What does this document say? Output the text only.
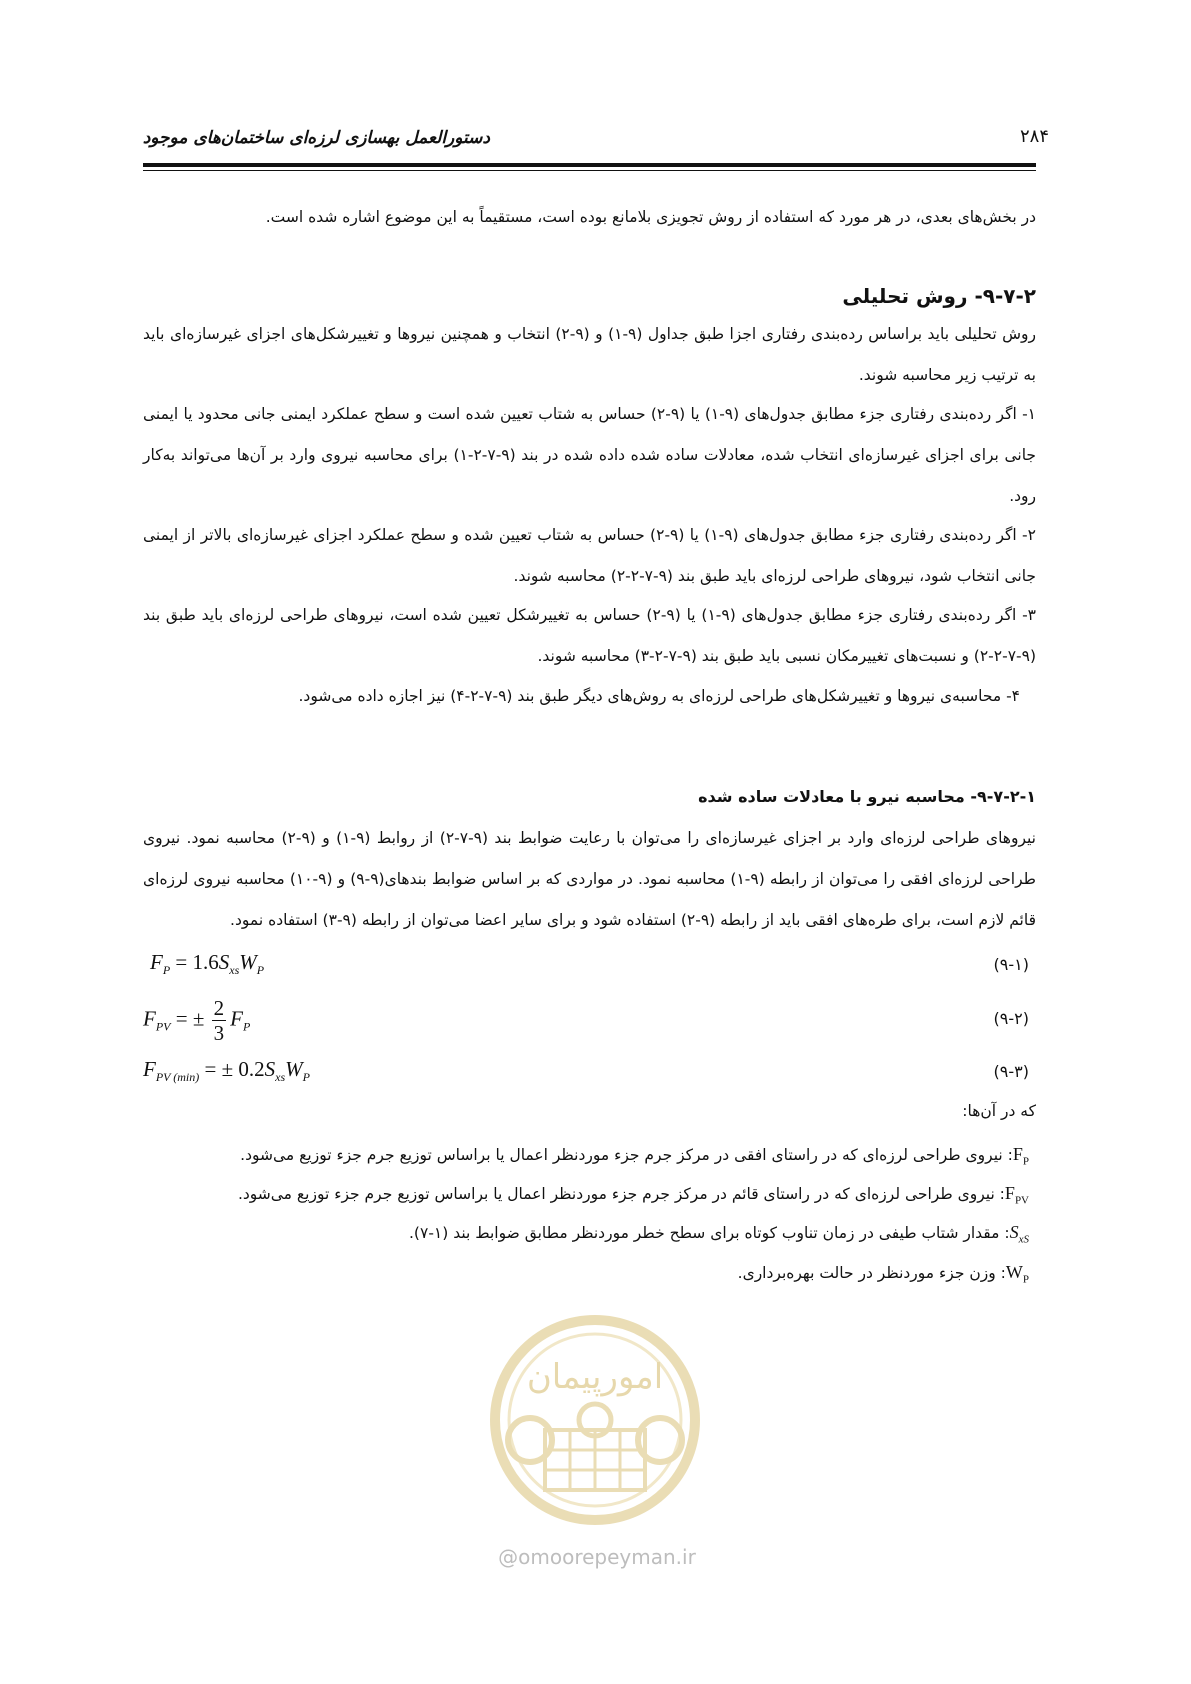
دستورالعمل بهسازی لرزه‌ای ساختمان‌های موجود	۲۸۴
در بخش‌های بعدی، در هر مورد که استفاده از روش تجویزی بلامانع بوده است، مستقیماً به این موضوع اشاره شده است.
۹-۷-۲- روش تحلیلی
روش تحلیلی باید براساس رده‌بندی رفتاری اجزا طبق جداول (۹-۱) و (۹-۲) انتخاب و همچنین نیروها و تغییرشکل‌های اجزای غیرسازه‌ای باید به ترتیب زیر محاسبه شوند.
۱- اگر رده‌بندی رفتاری جزء مطابق جدول‌های (۹-۱) یا (۹-۲) حساس به شتاب تعیین شده است و سطح عملکرد ایمنی جانی محدود یا ایمنی جانی برای اجزای غیرسازه‌ای انتخاب شده، معادلات ساده شده داده شده در بند (۹-۷-۲-۱) برای محاسبه نیروی وارد بر آن‌ها می‌تواند به‌کار رود.
۲- اگر رده‌بندی رفتاری جزء مطابق جدول‌های (۹-۱) یا (۹-۲) حساس به شتاب تعیین شده و سطح عملکرد اجزای غیرسازه‌ای بالاتر از ایمنی جانی انتخاب شود، نیروهای طراحی لرزه‌ای باید طبق بند (۹-۷-۲-۲) محاسبه شوند.
۳- اگر رده‌بندی رفتاری جزء مطابق جدول‌های (۹-۱) یا (۹-۲) حساس به تغییرشکل تعیین شده است، نیروهای طراحی لرزه‌ای باید طبق بند (۹-۷-۲-۲) و نسبت‌های تغییرمکان نسبی باید طبق بند (۹-۷-۲-۳) محاسبه شوند.
۴- محاسبه‌ی نیروها و تغییرشکل‌های طراحی لرزه‌ای به روش‌های دیگر طبق بند (۹-۷-۲-۴) نیز اجازه داده می‌شود.
۹-۷-۲-۱- محاسبه نیرو با معادلات ساده شده
نیروهای طراحی لرزه‌ای وارد بر اجزای غیرسازه‌ای را می‌توان با رعایت ضوابط بند (۹-۷-۲) از روابط (۹-۱) و (۹-۲) محاسبه نمود. نیروی طراحی لرزه‌ای افقی را می‌توان از رابطه (۹-۱) محاسبه نمود. در مواردی که بر اساس ضوابط بندهای(۹-۹) و (۹-۱۰) محاسبه نیروی لرزه‌ای قائم لازم است، برای طره‌های افقی باید از رابطه (۹-۲) استفاده شود و برای سایر اعضا می‌توان از رابطه (۹-۳) استفاده نمود.
$F_P = 1.6S_{xs}W_P$	(۹-۱)
$F_{PV}$ = ± $\frac{2}{3} F_P$	(۹-۲)
$F_{PV (min)}$ = ± $0.2S_{xs}W_P$	(۹-۳)
که در آن‌ها:
$F_P$: نیروی طراحی لرزه‌ای که در راستای افقی در مرکز جرم جزء موردنظر اعمال یا براساس توزیع جرم جزء توزیع می‌شود.
$F_{PV}$: نیروی طراحی لرزه‌ای که در راستای قائم در مرکز جرم جزء موردنظر اعمال یا براساس توزیع جرم جزء توزیع می‌شود.
$S_{xS}$: مقدار شتاب طیفی در زمان تناوب کوتاه برای سطح خطر موردنظر مطابق ضوابط بند (۱-۷).
$W_P$: وزن جزء موردنظر در حالت بهره‌برداری.
امورپیمان
@omoorepeyman.ir
